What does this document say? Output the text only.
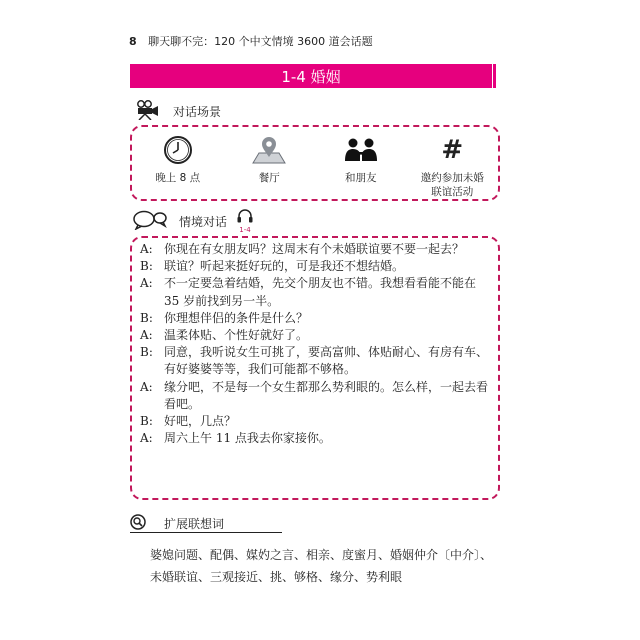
8 聊天聊不完：120 个中文情境 3600 道会话题
1-4 婚姻
对话场景
晚上 8 点	餐厅	和朋友
#
邀约参加未婚
联谊活动
情境对话
1-4
A: 你现在有女朋友吗？这周末有个未婚联谊要不要一起去？
B: 联谊？听起来挺好玩的，可是我还不想结婚。
A: 不一定要急着结婚，先交个朋友也不错。我想看看能不能在 35 岁前找到另一半。
B: 你理想伴侣的条件是什么？
A: 温柔体贴、个性好就好了。
B: 同意，我听说女生可挑了，要高富帅、体贴耐心、有房有车、有好婆婆等等，我们可能都不够格。
A: 缘分吧，不是每一个女生都那么势利眼的。怎么样，一起去看看吧。
B: 好吧，几点？
A: 周六上午 11 点我去你家接你。
扩展联想词
婆媳问题、配偶、媒妁之言、相亲、度蜜月、婚姻仲介〔中介〕、未婚联谊、三观接近、挑、够格、缘分、势利眼
